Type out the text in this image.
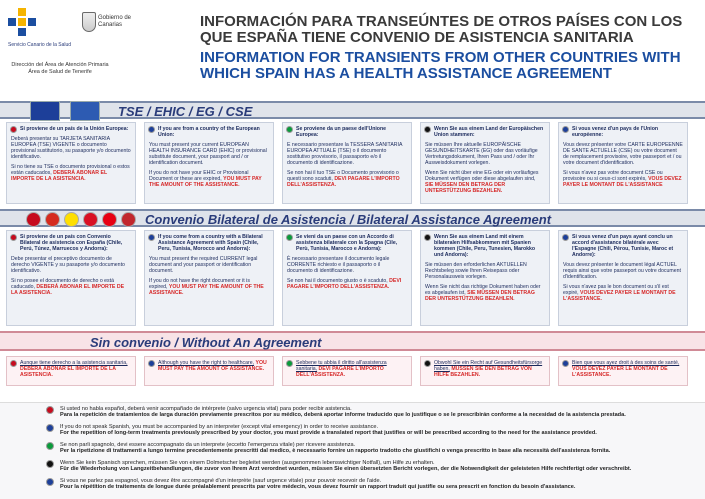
Servicio Canario de la Salud
Gobierno de Canarias
Dirección del Área de Atención Primaria Área de Salud de Tenerife
INFORMACIÓN PARA TRANSEÚNTES DE OTROS PAÍSES CON LOS QUE ESPAÑA TIENE CONVENIO DE ASISTENCIA SANITARIA
INFORMATION FOR TRANSIENTS FROM OTHER COUNTRIES WITH WHICH SPAIN HAS A HEALTH ASSISTANCE AGREEMENT
TSE / EHIC / EG / CSE
Convenio Bilateral de Asistencia / Bilateral Assistance Agreement
Sin convenio / Without An Agreement

Si proviene de un país de la Unión Europea:

Deberá presentar su TARJETA SANITARIA EUROPEA (TSE) VIGENTE o documento provisional sustitutorio, su pasaporte y/o documento identificativo.

Si no tiene su TSE o documento provisional o estos están caducados, DEBERÁ ABONAR EL IMPORTE DE LA ASISTENCIA.

If you are from a country of the European Union:

You must present your current EUROPEAN HEALTH INSURANCE CARD (EHIC) or provisional substitute document, your passport and / or identification document.

If you do not have your EHIC or Provisional Document or these are expired, YOU MUST PAY THE AMOUNT OF THE ASSISTANCE.

Se proviene da un paese dell'Unione Europea:

E necessario presentare la TESSERA SANITARIA EUROPEA ATTUALE (TSE) o il documento sostitutivo provvisorio, il passaporto e/o il documento di identificazione.

Se non hai il tuo TSE o Documento provvisorio o questi sono scaduti, DEVI PAGARE L'IMPORTO DELL'ASSISTENZA.

Wenn Sie aus einem Land der Europäischen Union stammen:

Sie müssen Ihre aktuelle EUROPÄISCHE GESUNDHEITSKARTE (EG) oder das vorläufige Vertretungsdokument, Ihren Pass und / oder Ihr Ausweisdokument vorlegen.

Wenn Sie nicht über eine EG oder ein vorläufiges Dokument verfügen oder diese abgelaufen sind, SIE MÜSSEN DEN BETRAG DER UNTERSTÜTZUNG BEZAHLEN.

Si vous venez d'un pays de l'Union européenne:

Vous devez présenter votre CARTE EUROPEENNE DE SANTE ACTUELLE (CSE) ou votre document de remplacement provisoire, votre passeport et / ou votre document d'identification.

Si vous n'avez pas votre document CSE ou provisoire ou si ceux-ci sont expirés, VOUS DEVEZ PAYER LE MONTANT DE L'ASSISTANCE

Si proviene de un país con Convenio Bilateral de asistencia con España (Chile, Perú, Túnez, Marruecos y Andorra):

Debe presentar el preceptivo documento de derecho VIGENTE y su pasaporte y/o documento identificativo.

Si no posee el documento de derecho o está caducado, DEBERÁ ABONAR EL IMPORTE DE LA ASISTENCIA.

If you come from a country with a Bilateral Assistance Agreement with Spain (Chile, Peru, Tunisia, Morocco and Andorra):

You must present the required CURRENT legal document and your passport or identification document.

If you do not have the right document or it is expired, YOU MUST PAY THE AMOUNT OF THE ASSISTANCE.

Se vieni da un paese con un Accordo di assistenza bilaterale con la Spagna (Cile, Perù, Tunisia, Marocco e Andorra):

È necessario presentare il documento legale CORRENTE richiesto e il passaporto o il documento di identificazione.

Se non hai il documento giusto o è scaduto, DEVI PAGARE L'IMPORTO DELL'ASSISTENZA.

Wenn Sie aus einem Land mit einem bilateralen Hilfsabkommen mit Spanien kommen (Chile, Peru, Tunesien, Marokko und Andorra):

Sie müssen den erforderlichen AKTUELLEN Rechtsbeleg sowie Ihren Reisepass oder Personalausweis vorlegen.

Wenn Sie nicht das richtige Dokument haben oder es abgelaufen ist, SIE MÜSSEN DEN BETRAG DER UNTERSTÜTZUNG BEZAHLEN.

Si vous venez d'un pays ayant conclu un accord d'assistance bilatérale avec l'Espagne (Chili, Pérou, Tunisie, Maroc et Andorre):

Vous devez présenter le document légal ACTUEL requis ainsi que votre passeport ou votre document d'identification.

Si vous n'avez pas le bon document ou s'il est expiré, VOUS DEVEZ PAYER LE MONTANT DE L'ASSISTANCE.

Aunque tiene derecho a la asistencia sanitaria, DEBERÁ ABONAR EL IMPORTE DE LA ASISTENCIA.
Although you have the right to healthcare, YOU MUST PAY THE AMOUNT OF ASSISTANCE.
Sebbene tu abbia il diritto all'assistenza sanitaria, DEVI PAGARE L'IMPORTO DELL'ASSISTENZA.
Obwohl Sie ein Recht auf Gesundheitsfürsorge haben, MÜSSEN SIE DEN BETRAG VON HILFE BEZAHLEN.
Bien que vous ayez droit à des soins de santé, VOUS DEVEZ PAYER LE MONTANT DE L'ASSISTANCE.
Si usted no habla español, deberá venir acompañado de intérprete (salvo urgencia vital) para poder recibir asistencia.
Para la repetición de tratamientos de larga duración previamente prescritos por su médico, deberá aportar informe traducido que lo justifique o se le prescribirán conforme a la necesidad de la asistencia prestada.
If you do not speak Spanish, you must be accompanied by an interpreter (except vital emergency) in order to receive assistance.
For the repetition of long-term treatments previously prescribed by your doctor, you must provide a translated report that justifies or will be prescribed according to the need for the assistance provided.
Se non parli spagnolo, devi essere accompagnato da un interprete (eccetto l'emergenza vitale) per ricevere assistenza.
Per la ripetizione di trattamenti a lungo termine precedentemente prescritti dal medico, è necessario fornire un rapporto tradotto che giustifichi o venga prescritto in base alla necessità dell'assistenza fornita.
Wenn Sie kein Spanisch sprechen, müssen Sie von einem Dolmetscher begleitet werden (ausgenommen lebenswichtiger Notfall), um Hilfe zu erhalten.
Für die Wiederholung von Langzeitbehandlungen, die zuvor von Ihrem Arzt verordnet wurden, müssen Sie einen übersetzten Bericht vorlegen, der die Notwendigkeit der geleisteten Hilfe rechtfertigt oder verschreibt.
Si vous ne parlez pas espagnol, vous devez être accompagné d'un interprète (sauf urgence vitale) pour pouvoir recevoir de l'aide.
Pour la répétition de traitements de longue durée préalablement prescrits par votre médecin, vous devez fournir un rapport traduit qui justifie ou sera prescrit en fonction du besoin d'assistance.
